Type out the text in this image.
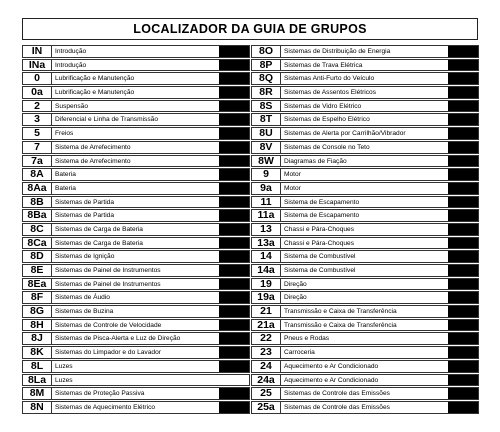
LOCALIZADOR DA GUIA DE GRUPOS
IN	Introdução
INa	Introdução
0	Lubrificação e Manutenção
0a	Lubrificação e Manutenção
2	Suspensão
3	Diferencial e Linha de Transmissão
5	Freios
7	Sistema de Arrefecimento
7a	Sistema de Arrefecimento
8A	Bateria
8Aa	Bateria
8B	Sistemas de Partida
8Ba	Sistemas de Partida
8C	Sistemas de Carga de Bateria
8Ca	Sistemas de Carga de Bateria
8D	Sistemas de Ignição
8E	Sistemas de Painel de Instrumentos
8Ea	Sistemas de Painel de Instrumentos
8F	Sistemas de Áudio
8G	Sistemas de Buzina
8H	Sistemas de Controle de Velocidade
8J	Sistemas de Pisca-Alerta e Luz de Direção
8K	Sistemas do Limpador e do Lavador
8L	Luzes
8La	Luzes
8M	Sistemas de Proteção Passiva
8N	Sistemas de Aquecimento Elétrico
8O	Sistemas de Distribuição de Energia
8P	Sistemas de Trava Elétrica
8Q	Sistemas Anti-Furto do Veículo
8R	Sistemas de Assentos Elétricos
8S	Sistemas de Vidro Elétrico
8T	Sistemas de Espelho Elétrico
8U	Sistemas de Alerta por Carrilhão/Vibrador
8V	Sistemas de Console no Teto
8W	Diagramas de Fiação
9	Motor
9a	Motor
11	Sistema de Escapamento
11a	Sistema de Escapamento
13	Chassi e Pára-Choques
13a	Chassi e Pára-Choques
14	Sistema de Combustível
14a	Sistema de Combustível
19	Direção
19a	Direção
21	Transmissão e Caixa de Transferência
21a	Transmissão e Caixa de Transferência
22	Pneus e Rodas
23	Carroceria
24	Aquecimento e Ar Condicionado
24a	Aquecimento e Ar Condicionado
25	Sistemas de Controle das Emissões
25a	Sistemas de Controle das Emissões
